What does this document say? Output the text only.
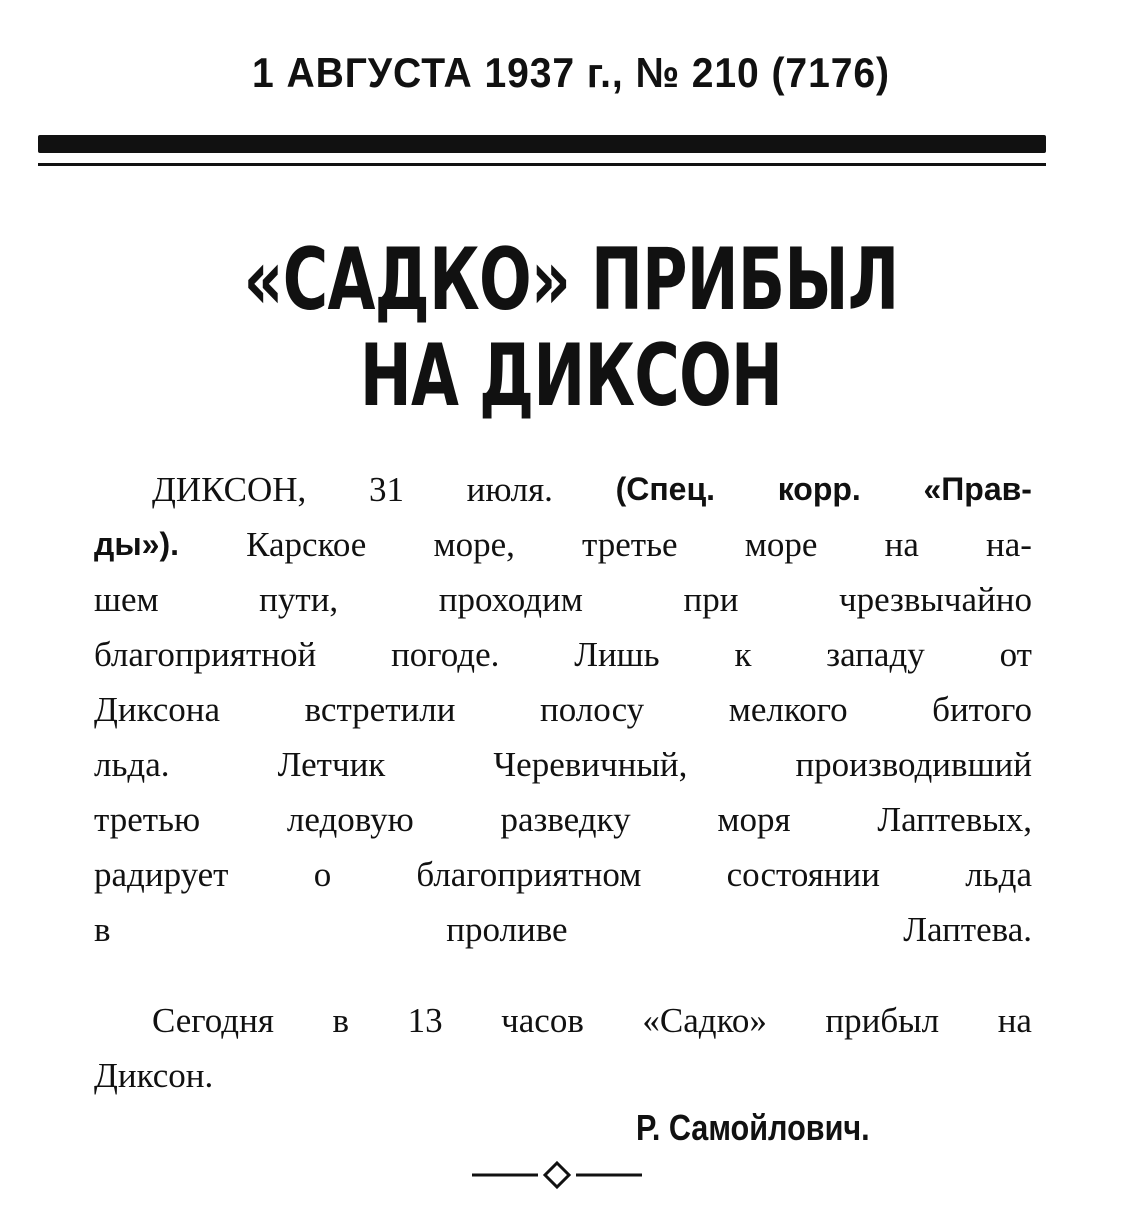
1 АВГУСТА 1937 г., № 210 (7176)
«САДКО» ПРИБЫЛ
НА ДИКСОН
ДИКСОН, 31 июля. (Спец. корр. «Прав-
ды»). Карское море, третье море на на-
шем	пути,	проходим	при	чрезвычайно
благоприятной погоде. Лишь к западу от
Диксона встретили полосу мелкого битого
льда.	Летчик	Черевичный,	производивший
третью ледовую разведку моря Лаптевых,
радирует о благоприятном состоянии льда
в проливе Лаптева.
Сегодня в 13 часов «Садко» прибыл на
Диксон.
Р. Самойлович.
